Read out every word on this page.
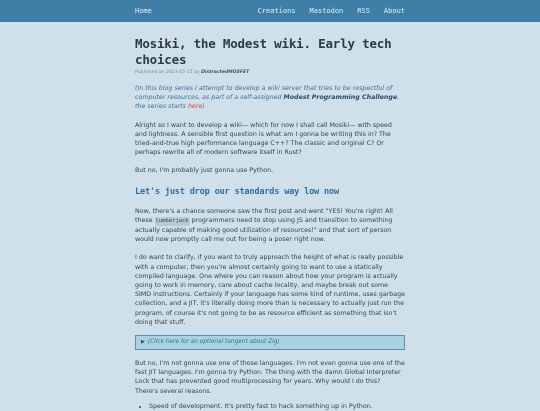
Home	Creations Mastodon RSS About
Mosiki, the Modest wiki. Early tech choices
Published on 2023-05-15 by DistractedMOSFET

(In this blog series I attempt to develop a wiki server that tries to be respectful of computer resources, as part of a self-assigned Modest Programming Challenge, the series starts here)

Alright so I want to develop a wiki— which for now I shall call Mosiki— with speed and lightness. A sensible first question is what am I gonna be writing this in? The tried-and-true high performance language C++? The classic and original C? Or perhaps rewrite all of modern software itself in Rust?

But no, I'm probably just gonna use Python.

Let's just drop our standards way low now

Now, there's a chance someone saw the first post and went "YES! You're right! All these lumberjack programmers need to stop using JS and transition to something actually capable of making good utilization of resources!" and that sort of person would now promptly call me out for being a poser right now.

I do want to clarify, if you want to truly approach the height of what is really possible with a computer, then you're almost certainly going to want to use a statically compiled language. One where you can reason about how your program is actually going to work in memory, care about cache locality, and maybe break out some SIMD instructions. Certainly if your language has some kind of runtime, uses garbage collection, and a JIT, it's literally doing more than is necessary to actually just run the program, of course it's not going to be as resource efficient as something that isn't doing that stuff.

▶ (Click here for an optional tangent about Zig)

But no, I'm not gonna use one of those languages. I'm not even gonna use one of the fast JIT languages. I'm gonna try Python. The thing with the damn Global Interpreter Lock that has prevented good multiprocessing for years. Why would I do this? There's several reasons.

• Speed of development. It's pretty fast to hack something up in Python.
